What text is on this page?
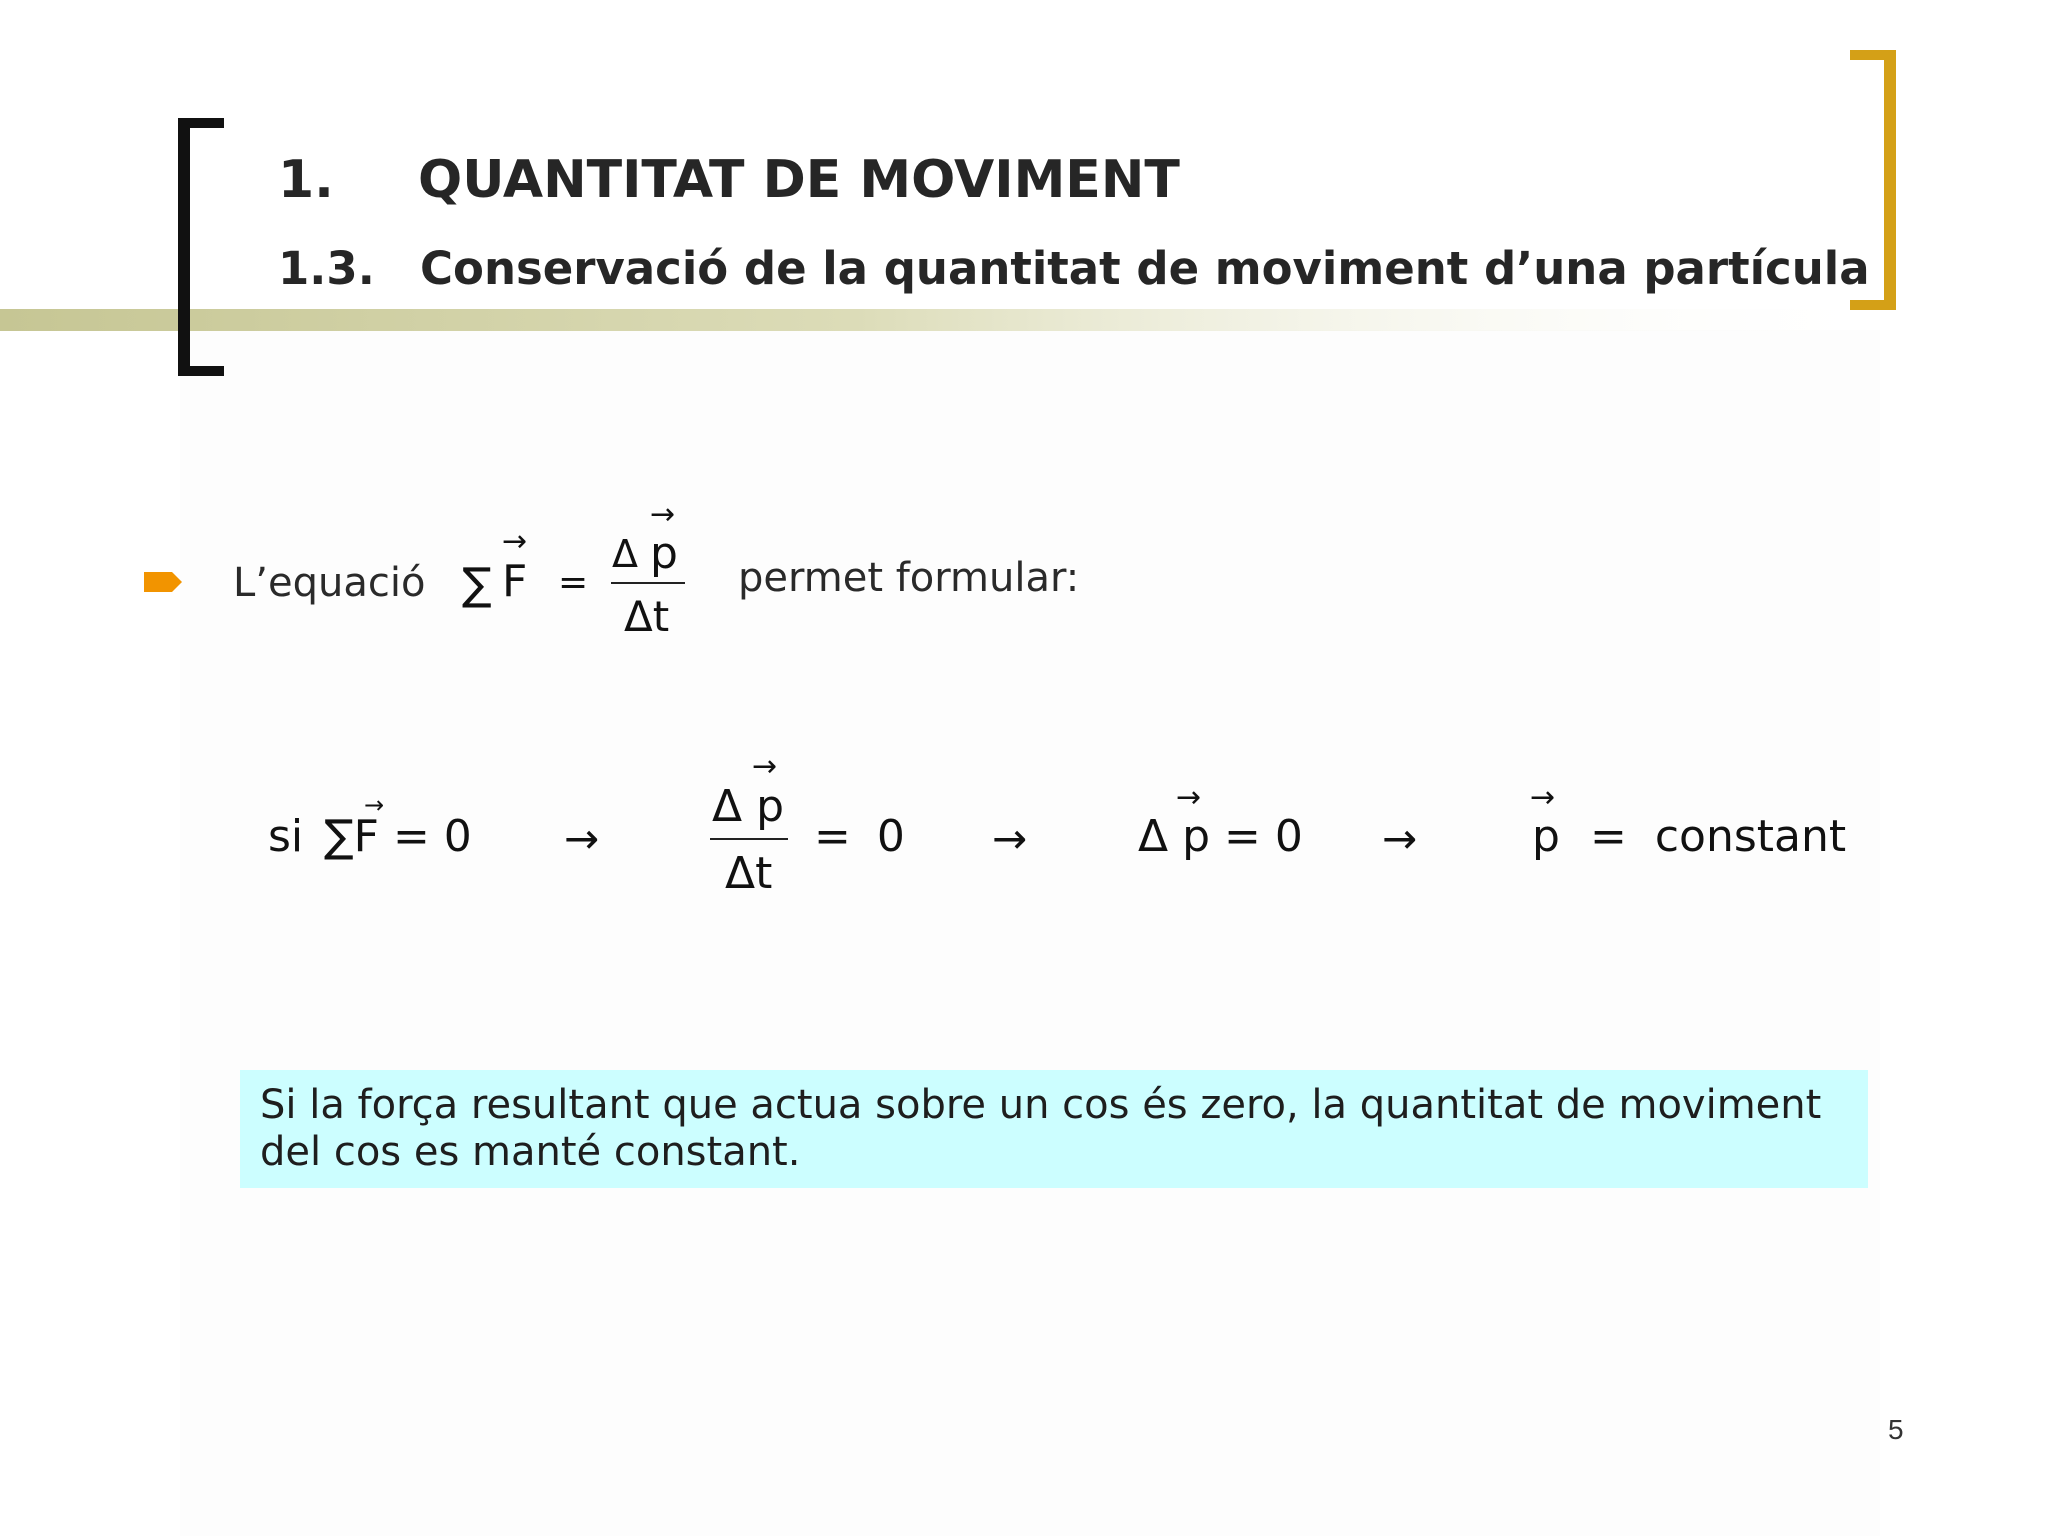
1.	QUANTITAT DE MOVIMENT
1.3.	Conservació de la quantitat de moviment d’una partícula
L’equació ∑
→
F =
Δ
→
p
Δt
permet formular:
si
→
∑F = 0 →
→
Δ p
Δt
= 0 →
→
Δ p = 0 →
→
p = constant
Si la força resultant que actua sobre un cos és zero, la quantitat de moviment del cos es manté constant.
5
